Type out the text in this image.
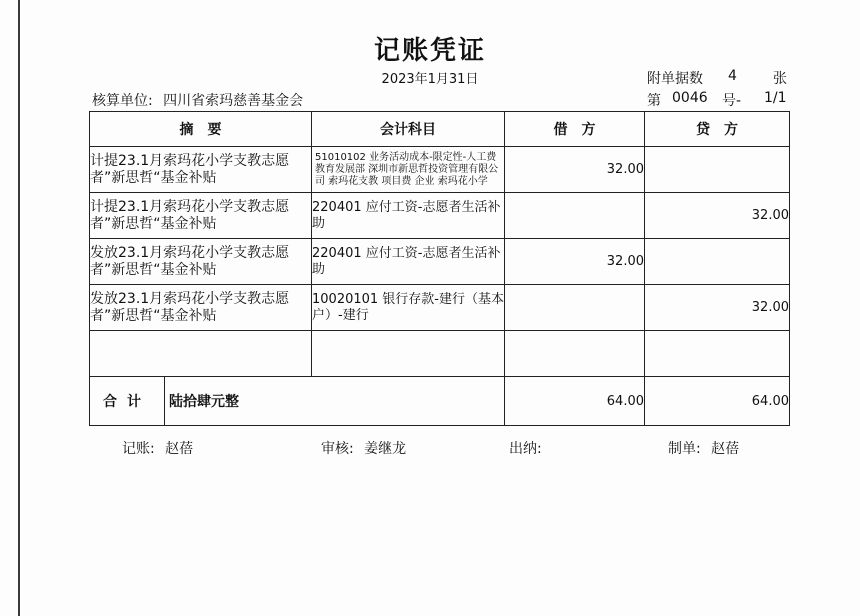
记账凭证
2023年1月31日	附单据数 4	张
核算单位: 四川省索玛慈善基金会	第 0046 号- 1/1
摘　要	会计科目	借　方	贷　方
计提23.1月索玛花小学支教志愿者”新思哲“基金补贴	51010102 业务活动成本-限定性-人工费 教育发展部 深圳市新思哲投资管理有限公司 索玛花支教 项目费 企业 索玛花小学	32.00	
计提23.1月索玛花小学支教志愿者”新思哲“基金补贴	220401 应付工资-志愿者生活补助		32.00
发放23.1月索玛花小学支教志愿者”新思哲“基金补贴	220401 应付工资-志愿者生活补助	32.00	
发放23.1月索玛花小学支教志愿者”新思哲“基金补贴	10020101 银行存款-建行（基本户）-建行		32.00

合计 陆拾肆元整		64.00	64.00
记账: 赵蓓	审核: 姜继龙	出纳:	制单: 赵蓓
